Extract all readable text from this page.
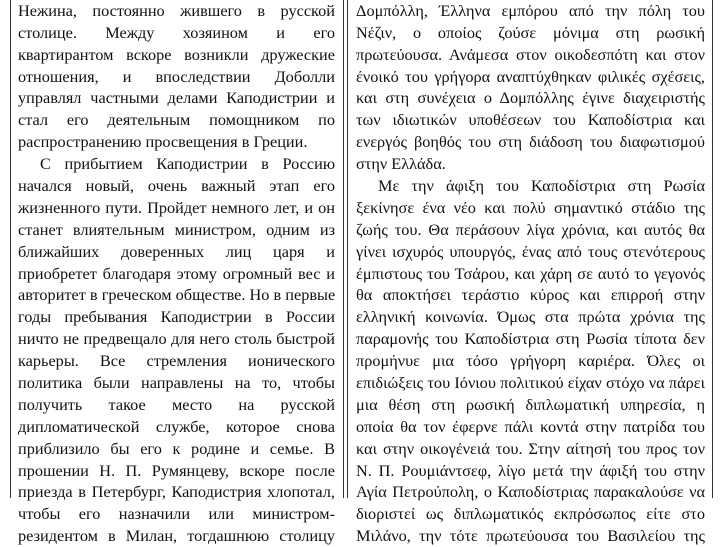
Нежина, постоянно жившего в русской
столице. Между хозяином и его
квартирантом вскоре возникли дружеские
отношения, и впоследствии Доболли
управлял частными делами Каподистрии и
стал его деятельным помощником по
распространению просвещения в Греции.
С прибытием Каподистрии в Россию
начался новый, очень важный этап его
жизненного пути. Пройдет немного лет, и он
станет влиятельным министром, одним из
ближайших доверенных лиц царя и
приобретет благодаря этому огромный вес и
авторитет в греческом обществе. Но в первые
годы пребывания Каподистрии в России
ничто не предвещало для него столь быстрой
карьеры. Все стремления ионического
политика были направлены на то, чтобы
получить такое место на русской
дипломатической службе, которое снова
приблизило бы его к родине и семье. В
прошении Н. П. Румянцеву, вскоре после
приезда в Петербург, Каподистрия хлопотал,
чтобы его назначили или министром-
резидентом в Милан, тогдашнюю столицу
Δομπόλλη, Έλληνα εμπόρου από την πόλη του
Νέζιν, ο οποίος ζούσε μόνιμα στη ρωσική
πρωτεύουσα. Ανάμεσα στον οικοδεσπότη και στον
ένοικό του γρήγορα αναπτύχθηκαν φιλικές σχέσεις,
και στη συνέχεια ο Δομπόλλης έγινε διαχειριστής
των ιδιωτικών υποθέσεων του Καποδίστρια και
ενεργός βοηθός του στη διάδοση του διαφωτισμού
στην Ελλάδα.
Με την άφιξη του Καποδίστρια στη Ρωσία
ξεκίνησε ένα νέο και πολύ σημαντικό στάδιο της
ζωής του. Θα περάσουν λίγα χρόνια, και αυτός θα
γίνει ισχυρός υπουργός, ένας από τους στενότερους
έμπιστους του Τσάρου, και χάρη σε αυτό το γεγονός
θα αποκτήσει τεράστιο κύρος και επιρροή στην
ελληνική κοινωνία. Όμως στα πρώτα χρόνια της
παραμονής του Καποδίστρια στη Ρωσία τίποτα δεν
προμήνυε μια τόσο γρήγορη καριέρα. Όλες οι
επιδιώξεις του Ιόνιου πολιτικού είχαν στόχο να πάρει
μια θέση στη ρωσική διπλωματική υπηρεσία, η
οποία θα τον έφερνε πάλι κοντά στην πατρίδα του
και στην οικογένειά του. Στην αίτησή του προς τον
Ν. Π. Ρουμιάντσεφ, λίγο μετά την άφιξή του στην
Αγία Πετρούπολη, ο Καποδίστριας παρακαλούσε να
διοριστεί ως διπλωματικός εκπρόσωπος είτε στο
Μιλάνο, την τότε πρωτεύουσα του Βασιλείου της
